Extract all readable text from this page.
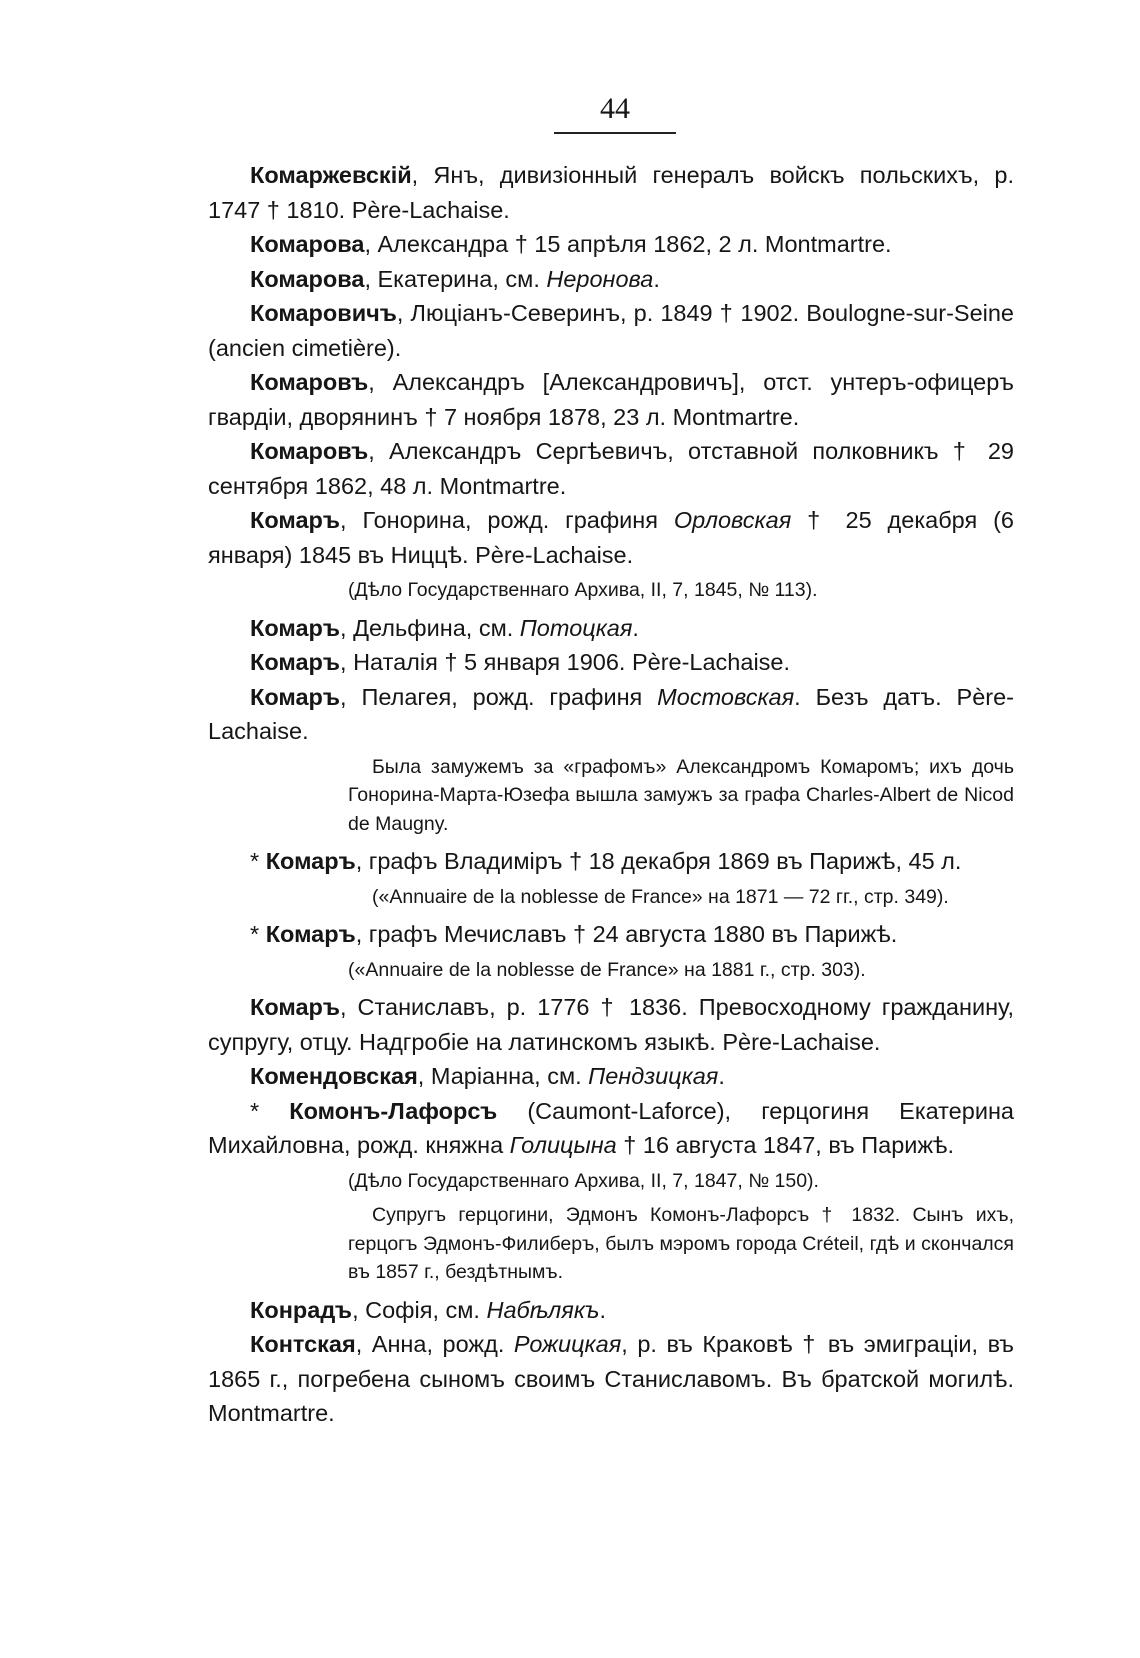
44

Комаржевскій, Янъ, дивизіонный генералъ войскъ польскихъ, р. 1747 † 1810. Père-Lachaise.

Комарова, Александра † 15 апрѣля 1862, 2 л. Montmartre.

Комарова, Екатерина, см. Неронова.

Комаровичъ, Люціанъ-Северинъ, р. 1849 † 1902. Boulogne-sur-Seine (ancien cimetière).

Комаровъ, Александръ [Александровичъ], отст. унтеръ-офицеръ гвардіи, дворянинъ † 7 ноября 1878, 23 л. Montmartre.

Комаровъ, Александръ Сергѣевичъ, отставной полковникъ † 29 сентября 1862, 48 л. Montmartre.

Комаръ, Гонорина, рожд. графиня Орловская † 25 декабря (6 января) 1845 въ Ниццѣ. Père-Lachaise.

(Дѣло Государственнаго Архива, II, 7, 1845, № 113).

Комаръ, Дельфина, см. Потоцкая.

Комаръ, Наталія † 5 января 1906. Père-Lachaise.

Комаръ, Пелагея, рожд. графиня Мостовская. Безъ датъ. Père-Lachaise.

Была замужемъ за «графомъ» Александромъ Комаромъ; ихъ дочь Гонорина-Марта-Юзефа вышла замужъ за графа Charles-Albert de Nicod de Maugny.

* Комаръ, графъ Владиміръ † 18 декабря 1869 въ Парижѣ, 45 л.

(«Annuaire de la noblesse de France» на 1871 — 72 гг., стр. 349).

* Комаръ, графъ Мечиславъ † 24 августа 1880 въ Парижѣ.

(«Annuaire de la noblesse de France» на 1881 г., стр. 303).

Комаръ, Станиславъ, р. 1776 † 1836. Превосходному гражданину, супругу, отцу. Надгробіе на латинскомъ языкѣ. Père-Lachaise.

Комендовская, Маріанна, см. Пендзицкая.

* Комонъ-Лафорсъ (Caumont-Laforce), герцогиня Екатерина Михайловна, рожд. княжна Голицына † 16 августа 1847, въ Парижѣ.

(Дѣло Государственнаго Архива, II, 7, 1847, № 150).

Супругъ герцогини, Эдмонъ Комонъ-Лафорсъ † 1832. Сынъ ихъ, герцогъ Эдмонъ-Филиберъ, былъ мэромъ города Créteil, гдѣ и скончался въ 1857 г., бездѣтнымъ.

Конрадъ, Софія, см. Набѣлякъ.

Контская, Анна, рожд. Рожицкая, р. въ Краковѣ † въ эмиграціи, въ 1865 г., погребена сыномъ своимъ Станиславомъ. Въ братской могилѣ. Montmartre.
